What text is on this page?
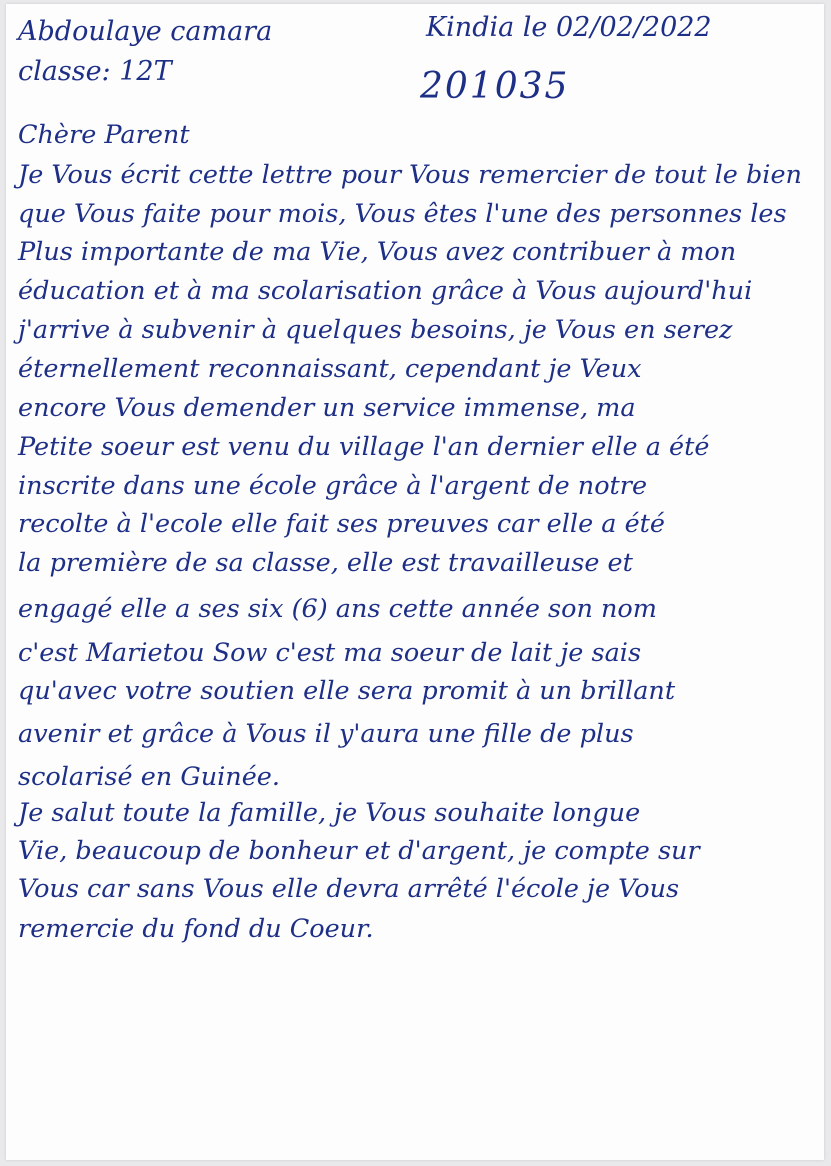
Abdoulaye camara
classe: 12T
Kindia le 02/02/2022
201035
Chère Parent
Je Vous écrit cette lettre pour Vous remercier de tout le bien
que Vous faite pour mois, Vous êtes l'une des personnes les
Plus importante de ma Vie, Vous avez contribuer à mon
éducation et à ma scolarisation grâce à Vous aujourd'hui
j'arrive à subvenir à quelques besoins, je Vous en serez
éternellement reconnaissant, cependant je Veux
encore Vous demender un service immense, ma
Petite soeur est venu du village l'an dernier elle a été
inscrite dans une école grâce à l'argent de notre
recolte à l'ecole elle fait ses preuves car elle a été
la première de sa classe, elle est travailleuse et
engagé elle a ses six (6) ans cette année son nom
c'est Marietou Sow c'est ma soeur de lait je sais
qu'avec votre soutien elle sera promit à un brillant
avenir et grâce à Vous il y'aura une fille de plus
scolarisé en Guinée.
Je salut toute la famille, je Vous souhaite longue
Vie, beaucoup de bonheur et d'argent, je compte sur
Vous car sans Vous elle devra arrêté l'école je Vous
remercie du fond du Coeur.
